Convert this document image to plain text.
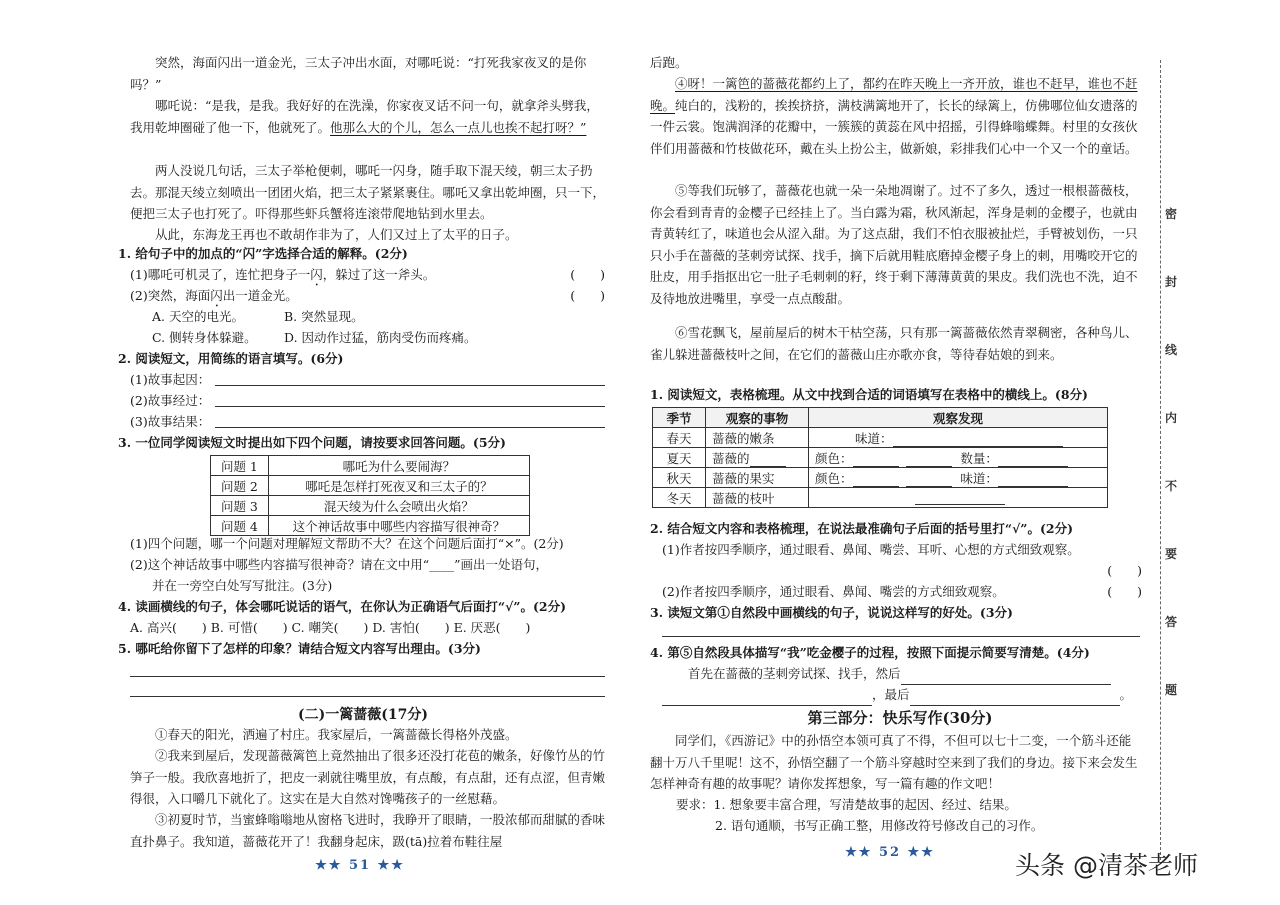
突然，海面闪出一道金光，三太子冲出水面，对哪吒说：“打死我家夜叉的是你吗？”
哪吒说：“是我，是我。我好好的在洗澡，你家夜叉话不问一句，就拿斧头劈我，我用乾坤圈碰了他一下，他就死了。他那么大的个儿，怎么一点儿也挨不起打呀？”
两人没说几句话，三太子举枪便刺，哪吒一闪身，随手取下混天绫，朝三太子扔去。那混天绫立刻喷出一团团火焰，把三太子紧紧裹住。哪吒又拿出乾坤圈，只一下，便把三太子也打死了。吓得那些虾兵蟹将连滚带爬地钻到水里去。
从此，东海龙王再也不敢胡作非为了，人们又过上了太平的日子。
1. 给句子中的加点的“闪”字选择合适的解释。(2分)
(1)哪吒可机灵了，连忙把身子一闪，躲过了这一斧头。	(　　)
(2)突然，海面闪出一道金光。	(　　)
A. 天空的电光。	B. 突然显现。
C. 侧转身体躲避。	D. 因动作过猛，筋肉受伤而疼痛。
2. 阅读短文，用简练的语言填写。(6分)
(1)故事起因：
(2)故事经过：
(3)故事结果：
3. 一位同学阅读短文时提出如下四个问题，请按要求回答问题。(5分)
问题 1	哪吒为什么要闹海？
问题 2	哪吒是怎样打死夜叉和三太子的？
问题 3	混天绫为什么会喷出火焰？
问题 4	这个神话故事中哪些内容描写很神奇？
(1)四个问题，哪一个问题对理解短文帮助不大？在这个问题后面打“×”。(2分)
(2)这个神话故事中哪些内容描写很神奇？请在文中用“____”画出一处语句，
并在一旁空白处写写批注。(3分)
4. 读画横线的句子，体会哪吒说话的语气，在你认为正确语气后面打“√”。(2分)
A. 高兴(　　) B. 可惜(　　) C. 嘲笑(　　) D. 害怕(　　) E. 厌恶(　　)
5. 哪吒给你留下了怎样的印象？请结合短文内容写出理由。(3分)
(二)一篱蔷薇(17分)
①春天的阳光，洒遍了村庄。我家屋后，一篱蔷薇长得格外茂盛。
②我来到屋后，发现蔷薇篱笆上竟然抽出了很多还没打花苞的嫩条，好像竹丛的竹笋子一般。我欣喜地折了，把皮一剥就往嘴里放，有点酸，有点甜，还有点涩，但青嫩得很，入口嚼几下就化了。这实在是大自然对馋嘴孩子的一丝慰藉。
③初夏时节，当蜜蜂嗡嗡地从窗格飞进时，我睁开了眼睛，一股浓郁而甜腻的香味直扑鼻子。我知道，蔷薇花开了！我翻身起床，趿(tā)拉着布鞋往屋
★★ 51 ★★
后跑。
④呀！一篱笆的蔷薇花都约上了，都约在昨天晚上一齐开放，谁也不赶早，谁也不赶晚。纯白的，浅粉的，挨挨挤挤，满枝满篱地开了，长长的绿篱上，仿佛哪位仙女遗落的一件云裳。饱满润泽的花瓣中，一簇簇的黄蕊在风中招摇，引得蜂嗡蝶舞。村里的女孩伙伴们用蔷薇和竹枝做花环，戴在头上扮公主，做新娘，彩排我们心中一个又一个的童话。
⑤等我们玩够了，蔷薇花也就一朵一朵地凋谢了。过不了多久，透过一根根蔷薇枝，你会看到青青的金樱子已经挂上了。当白露为霜，秋风渐起，浑身是刺的金樱子，也就由青黄转红了，味道也会从涩入甜。为了这点甜，我们不怕衣服被扯烂，手臂被划伤，一只只小手在蔷薇的茎刺旁试探、找手，摘下后就用鞋底磨掉金樱子身上的刺，用嘴咬开它的肚皮，用手指抠出它一肚子毛刺刺的籽，终于剩下薄薄黄黄的果皮。我们洗也不洗，迫不及待地放进嘴里，享受一点点酸甜。
⑥雪花飘飞，屋前屋后的树木干枯空荡，只有那一篱蔷薇依然青翠稠密，各种鸟儿、雀儿躲进蔷薇枝叶之间，在它们的蔷薇山庄亦歌亦食，等待春姑娘的到来。
1. 阅读短文，表格梳理。从文中找到合适的词语填写在表格中的横线上。(8分)
季节	观察的事物	观察发现
春天	蔷薇的嫩条	味道：
夏天	蔷薇的	颜色： 数量：
秋天	蔷薇的果实	颜色： 味道：
冬天	蔷薇的枝叶	
2. 结合短文内容和表格梳理，在说法最准确句子后面的括号里打“√”。(2分)
(1)作者按四季顺序，通过眼看、鼻闻、嘴尝、耳听、心想的方式细致观察。
(　　)
(2)作者按四季顺序，通过眼看、鼻闻、嘴尝的方式细致观察。	(　　)
3. 读短文第①自然段中画横线的句子，说说这样写的好处。(3分)
4. 第⑤自然段具体描写“我”吃金樱子的过程，按照下面提示简要写清楚。(4分)
首先在蔷薇的茎刺旁试探、找手，然后
，最后	。
第三部分：快乐写作(30分)
同学们，《西游记》中的孙悟空本领可真了不得，不但可以七十二变，一个筋斗还能翻十万八千里呢！这不，孙悟空翻了一个筋斗穿越时空来到了我们的身边。接下来会发生怎样神奇有趣的故事呢？请你发挥想象，写一篇有趣的作文吧！
要求：1. 想象要丰富合理，写清楚故事的起因、经过、结果。
2. 语句通顺，书写正确工整，用修改符号修改自己的习作。
★★ 52 ★★
密
封
线
内
不
要
答
题
头条 @清茶老师
